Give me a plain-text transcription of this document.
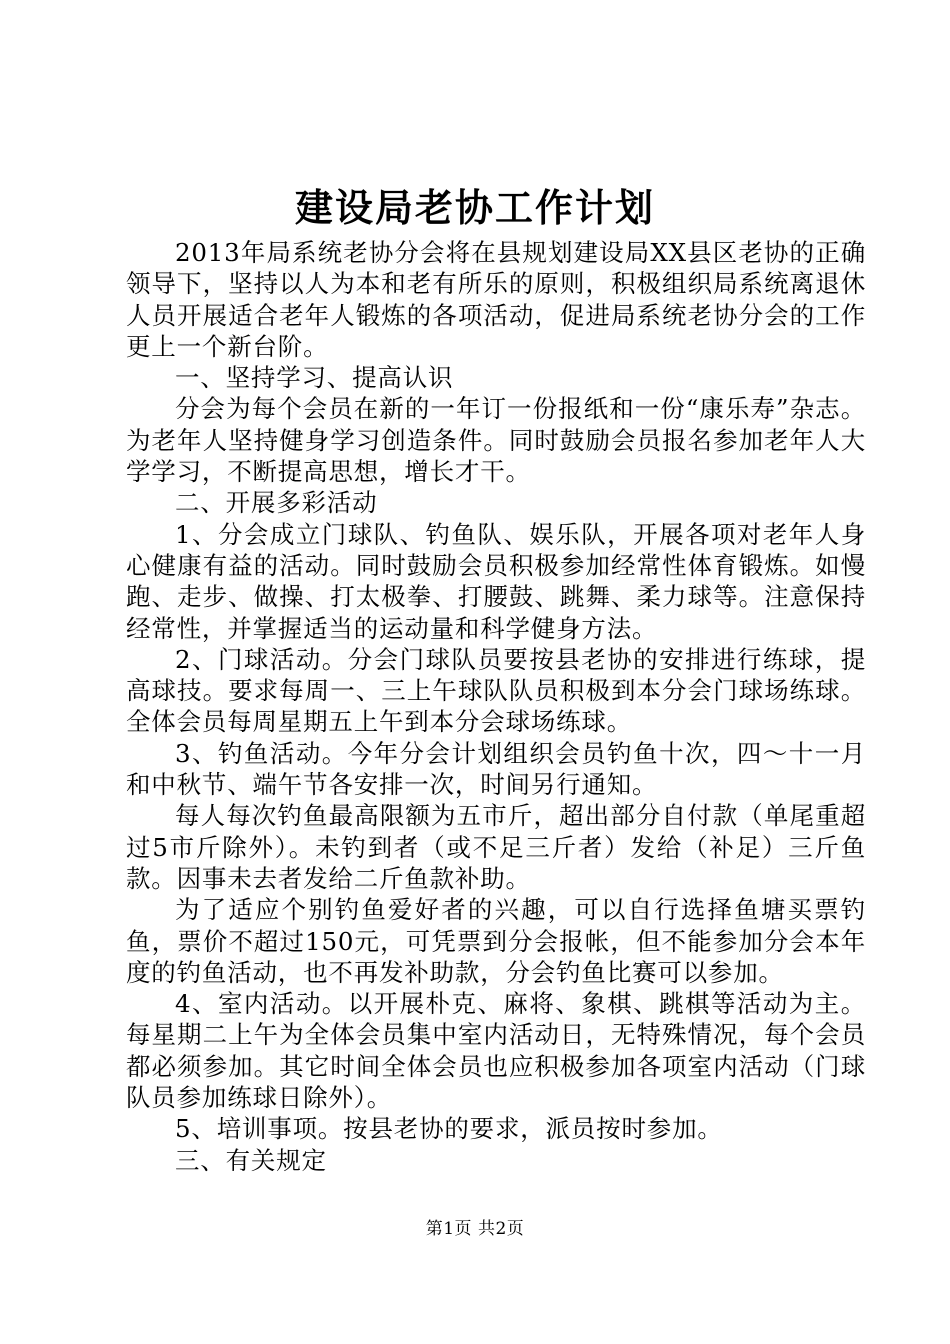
建设局老协工作计划

2013年局系统老协分会将在县规划建设局XX县区老协的正确领导下，坚持以人为本和老有所乐的原则，积极组织局系统离退休人员开展适合老年人锻炼的各项活动，促进局系统老协分会的工作更上一个新台阶。

一、坚持学习、提高认识

分会为每个会员在新的一年订一份报纸和一份“康乐寿”杂志。为老年人坚持健身学习创造条件。同时鼓励会员报名参加老年人大学学习，不断提高思想，增长才干。

二、开展多彩活动

1、分会成立门球队、钓鱼队、娱乐队，开展各项对老年人身心健康有益的活动。同时鼓励会员积极参加经常性体育锻炼。如慢跑、走步、做操、打太极拳、打腰鼓、跳舞、柔力球等。注意保持经常性，并掌握适当的运动量和科学健身方法。

2、门球活动。分会门球队员要按县老协的安排进行练球，提高球技。要求每周一、三上午球队队员积极到本分会门球场练球。全体会员每周星期五上午到本分会球场练球。

3、钓鱼活动。今年分会计划组织会员钓鱼十次，四～十一月和中秋节、端午节各安排一次，时间另行通知。

每人每次钓鱼最高限额为五市斤，超出部分自付款（单尾重超过5市斤除外）。未钓到者（或不足三斤者）发给（补足）三斤鱼款。因事未去者发给二斤鱼款补助。

为了适应个别钓鱼爱好者的兴趣，可以自行选择鱼塘买票钓鱼，票价不超过150元，可凭票到分会报帐，但不能参加分会本年度的钓鱼活动，也不再发补助款，分会钓鱼比赛可以参加。

4、室内活动。以开展朴克、麻将、象棋、跳棋等活动为主。每星期二上午为全体会员集中室内活动日，无特殊情况，每个会员都必须参加。其它时间全体会员也应积极参加各项室内活动（门球队员参加练球日除外）。

5、培训事项。按县老协的要求，派员按时参加。

三、有关规定

第1页 共2页
